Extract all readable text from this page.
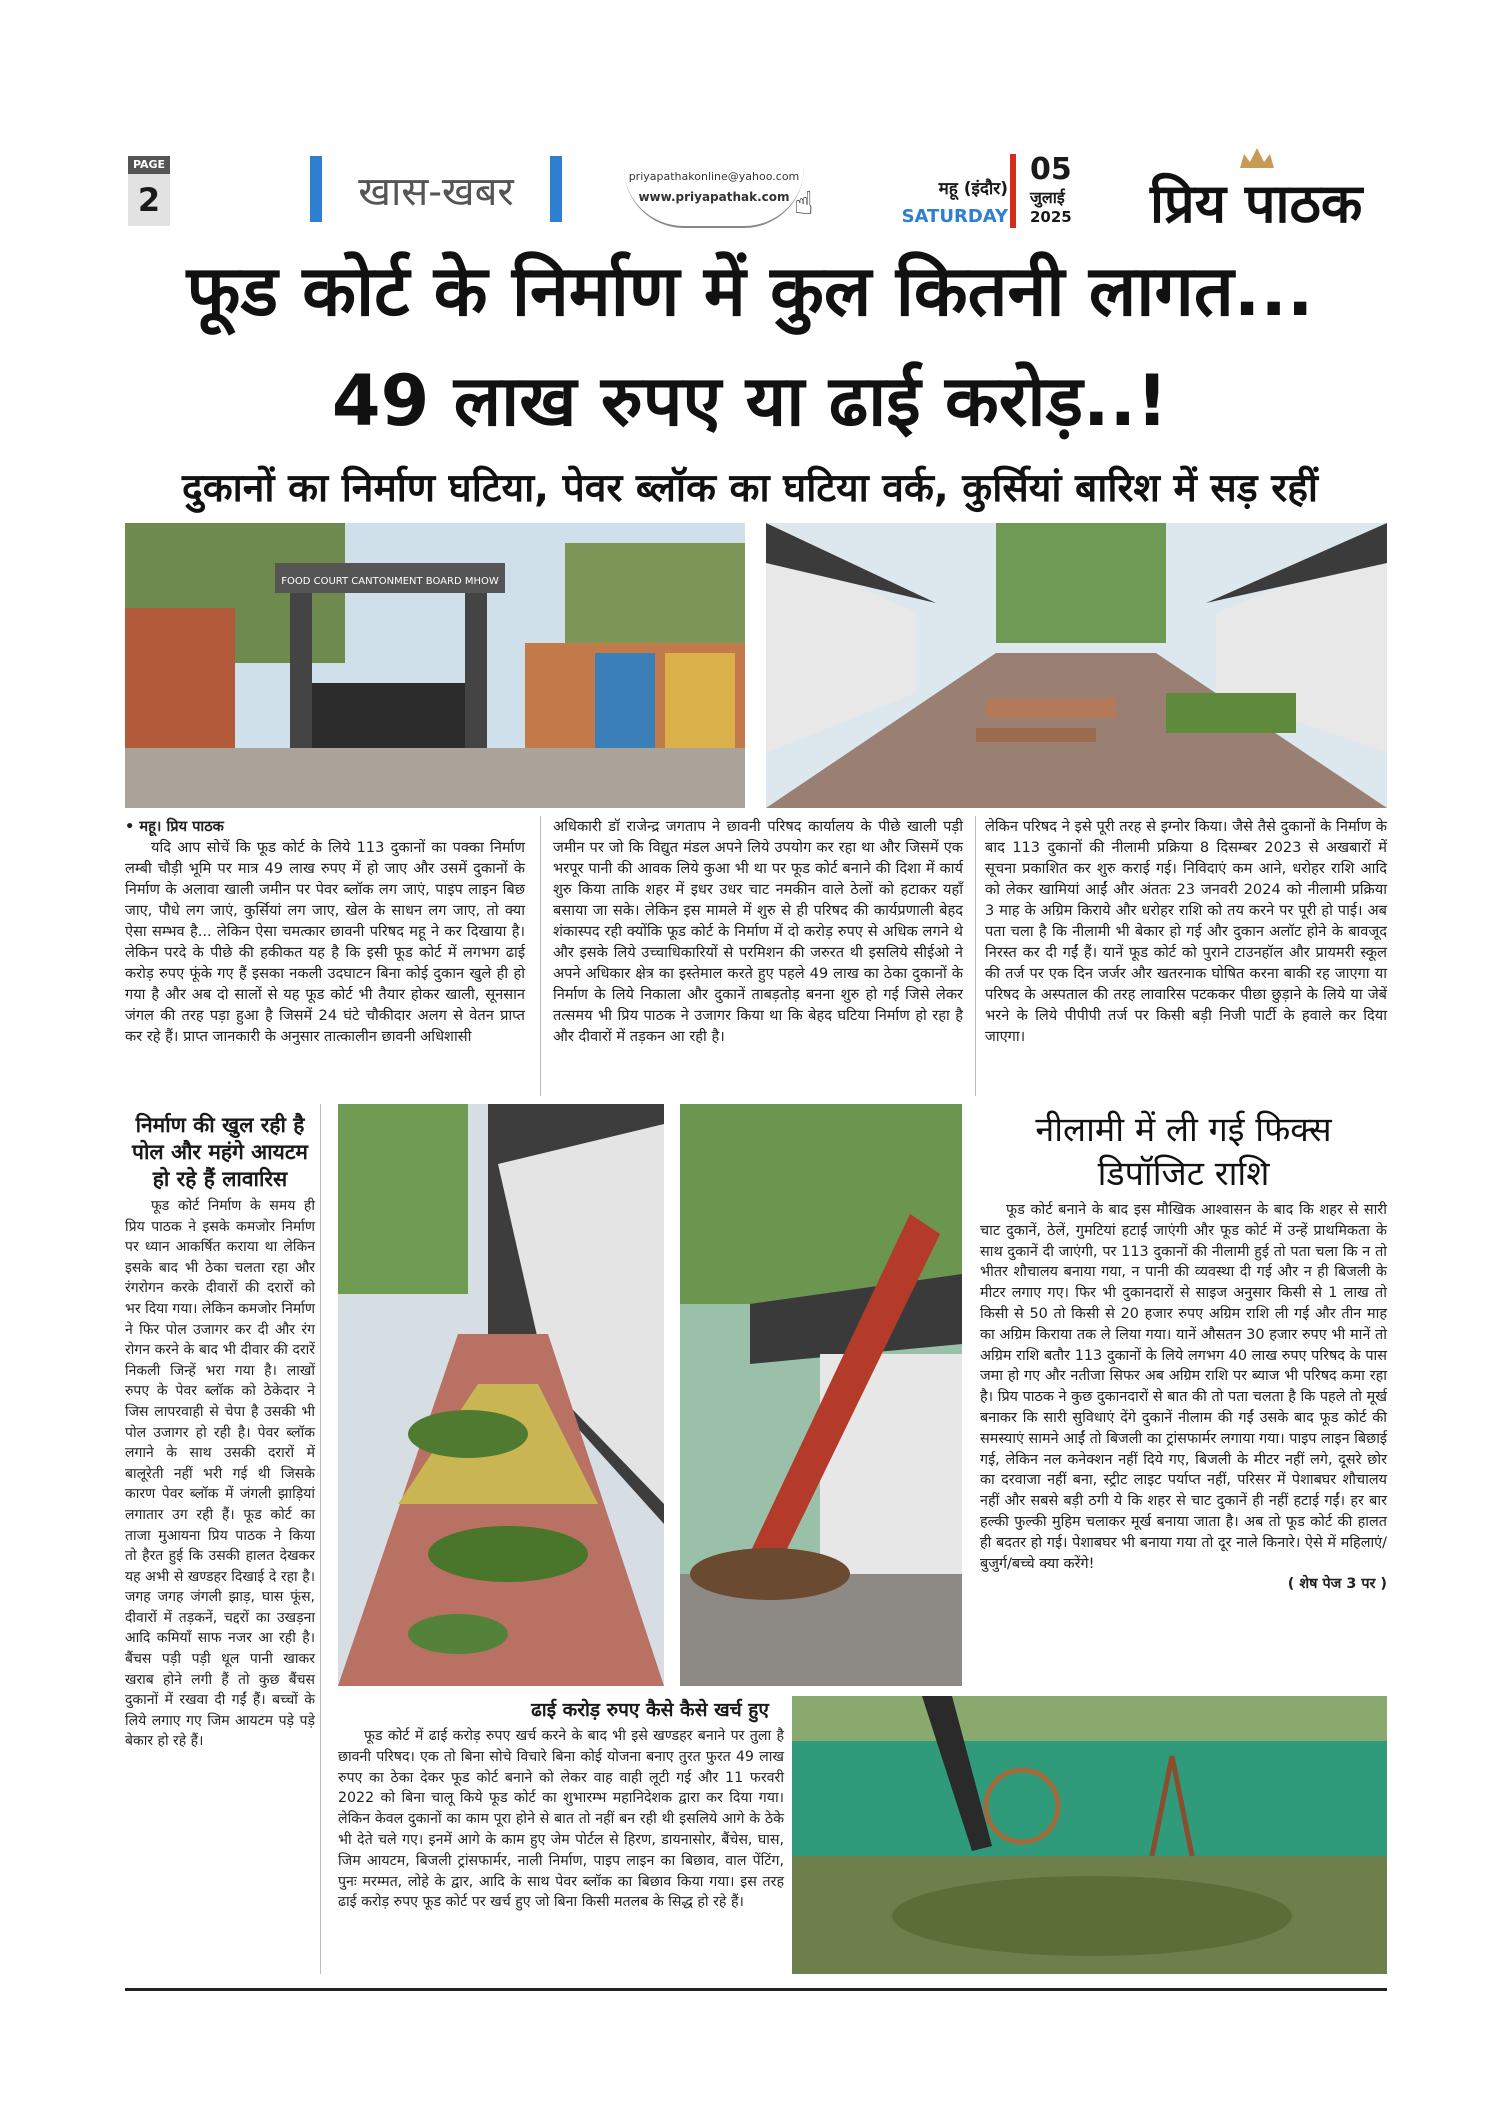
PAGE
2	खास-खबर	priyapathakonline@yahoo.com
www.priyapathak.com ☝	महू (इंदौर)
SATURDAY
05
जुलाई
2025 प्रिय पाठक
फूड कोर्ट के निर्माण में कुल कितनी लागत...
49 लाख रुपए या ढाई करोड़..!
दुकानों का निर्माण घटिया, पेवर ब्लॉक का घटिया वर्क, कुर्सियां बारिश में सड़ रहीं
FOOD COURT CANTONMENT BOARD MHOW
• महू। प्रिय पाठक

यदि आप सोचें कि फूड कोर्ट के लिये 113 दुकानों का पक्का निर्माण लम्बी चौड़ी भूमि पर मात्र 49 लाख रुपए में हो जाए और उसमें दुकानों के निर्माण के अलावा खाली जमीन पर पेवर ब्लॉक लग जाएं, पाइप लाइन बिछ जाए, पौधे लग जाएं, कुर्सियां लग जाए, खेल के साधन लग जाए, तो क्या ऐसा सम्भव है... लेकिन ऐसा चमत्कार छावनी परिषद महू ने कर दिखाया है। लेकिन परदे के पीछे की हकीकत यह है कि इसी फूड कोर्ट में लगभग ढाई करोड़ रुपए फूंके गए हैं इसका नकली उदघाटन बिना कोई दुकान खुले ही हो गया है और अब दो सालों से यह फूड कोर्ट भी तैयार होकर खाली, सूनसान जंगल की तरह पड़ा हुआ है जिसमें 24 घंटे चौकीदार अलग से वेतन प्राप्त कर रहे हैं। प्राप्त जानकारी के अनुसार तात्कालीन छावनी अधिशासी

अधिकारी डॉ राजेन्द्र जगताप ने छावनी परिषद कार्यालय के पीछे खाली पड़ी जमीन पर जो कि विद्युत मंडल अपने लिये उपयोग कर रहा था और जिसमें एक भरपूर पानी की आवक लिये कुआ भी था पर फूड कोर्ट बनाने की दिशा में कार्य शुरु किया ताकि शहर में इधर उधर चाट नमकीन वाले ठेलों को हटाकर यहाँ बसाया जा सके। लेकिन इस मामले में शुरु से ही परिषद की कार्यप्रणाली बेहद शंकास्पद रही क्योंकि फूड कोर्ट के निर्माण में दो करोड़ रुपए से अधिक लगने थे और इसके लिये उच्चाधिकारियों से परमिशन की जरुरत थी इसलिये सीईओ ने अपने अधिकार क्षेत्र का इस्तेमाल करते हुए पहले 49 लाख का ठेका दुकानों के निर्माण के लिये निकाला और दुकानें ताबड़तोड़ बनना शुरु हो गई जिसे लेकर तत्समय भी प्रिय पाठक ने उजागर किया था कि बेहद घटिया निर्माण हो रहा है और दीवारों में तड़कन आ रही है।

लेकिन परिषद ने इसे पूरी तरह से इग्नोर किया। जैसे तैसे दुकानों के निर्माण के बाद 113 दुकानों की नीलामी प्रक्रिया 8 दिसम्बर 2023 से अखबारों में सूचना प्रकाशित कर शुरु कराई गई। निविदाएं कम आने, धरोहर राशि आदि को लेकर खामियां आईं और अंततः 23 जनवरी 2024 को नीलामी प्रक्रिया 3 माह के अग्रिम किराये और धरोहर राशि को तय करने पर पूरी हो पाई। अब पता चला है कि नीलामी भी बेकार हो गई और दुकान अलॉट होने के बावजूद निरस्त कर दी गईं हैं। यानें फूड कोर्ट को पुराने टाउनहॉल और प्रायमरी स्कूल की तर्ज पर एक दिन जर्जर और खतरनाक घोषित करना बाकी रह जाएगा या परिषद के अस्पताल की तरह लावारिस पटककर पीछा छुड़ाने के लिये या जेबें भरने के लिये पीपीपी तर्ज पर किसी बड़ी निजी पार्टी के हवाले कर दिया जाएगा।

निर्माण की खुल रही है पोल और महंगे आयटम हो रहे हैं लावारिस

फूड कोर्ट निर्माण के समय ही प्रिय पाठक ने इसके कमजोर निर्माण पर ध्यान आकर्षित कराया था लेकिन इसके बाद भी ठेका चलता रहा और रंगरोगन करके दीवारों की दरारों को भर दिया गया। लेकिन कमजोर निर्माण ने फिर पोल उजागर कर दी और रंग रोगन करने के बाद भी दीवार की दरारें निकली जिन्हें भरा गया है। लाखों रुपए के पेवर ब्लॉक को ठेकेदार ने जिस लापरवाही से चेपा है उसकी भी पोल उजागर हो रही है। पेवर ब्लॉक लगाने के साथ उसकी दरारों में बालूरेती नहीं भरी गई थी जिसके कारण पेवर ब्लॉक में जंगली झाड़ियां लगातार उग रही हैं। फूड कोर्ट का ताजा मुआयना प्रिय पाठक ने किया तो हैरत हुई कि उसकी हालत देखकर यह अभी से खण्डहर दिखाई दे रहा है। जगह जगह जंगली झाड़, घास फूंस, दीवारों में तड़कनें, चद्दरों का उखड़ना आदि कमियाँ साफ नजर आ रही है। बैंचस पड़ी पड़ी धूल पानी खाकर खराब होने लगी हैं तो कुछ बैंचस दुकानों में रखवा दी गईं हैं। बच्चों के लिये लगाए गए जिम आयटम पड़े पड़े बेकार हो रहे हैं।

नीलामी में ली गई फिक्स
डिपॉजिट राशि

फूड कोर्ट बनाने के बाद इस मौखिक आश्वासन के बाद कि शहर से सारी चाट दुकानें, ठेलें, गुमटियां हटाईं जाएंगी और फूड कोर्ट में उन्हें प्राथमिकता के साथ दुकानें दी जाएंगी, पर 113 दुकानों की नीलामी हुई तो पता चला कि न तो भीतर शौचालय बनाया गया, न पानी की व्यवस्था दी गई और न ही बिजली के मीटर लगाए गए। फिर भी दुकानदारों से साइज अनुसार किसी से 1 लाख तो किसी से 50 तो किसी से 20 हजार रुपए अग्रिम राशि ली गई और तीन माह का अग्रिम किराया तक ले लिया गया। यानें औसतन 30 हजार रुपए भी मानें तो अग्रिम राशि बतौर 113 दुकानों के लिये लगभग 40 लाख रुपए परिषद के पास जमा हो गए और नतीजा सिफर अब अग्रिम राशि पर ब्याज भी परिषद कमा रहा है। प्रिय पाठक ने कुछ दुकानदारों से बात की तो पता चलता है कि पहले तो मूर्ख बनाकर कि सारी सुविधाएं देंगे दुकानें नीलाम की गईं उसके बाद फूड कोर्ट की समस्याएं सामने आईं तो बिजली का ट्रांसफार्मर लगाया गया। पाइप लाइन बिछाई गई, लेकिन नल कनेक्शन नहीं दिये गए, बिजली के मीटर नहीं लगे, दूसरे छोर का दरवाजा नहीं बना, स्ट्रीट लाइट पर्याप्त नहीं, परिसर में पेशाबघर शौचालय नहीं और सबसे बड़ी ठगी ये कि शहर से चाट दुकानें ही नहीं हटाई गईं। हर बार हल्की फुल्की मुहिम चलाकर मूर्ख बनाया जाता है। अब तो फूड कोर्ट की हालत ही बदतर हो गई। पेशाबघर भी बनाया गया तो दूर नाले किनारे। ऐसे में महिलाएं/बुजुर्ग/बच्चे क्या करेंगे!

( शेष पेज 3 पर )
ढाई करोड़ रुपए कैसे कैसे खर्च हुए

फूड कोर्ट में ढाई करोड़ रुपए खर्च करने के बाद भी इसे खण्डहर बनाने पर तुला है छावनी परिषद। एक तो बिना सोचे विचारे बिना कोई योजना बनाए तुरत फुरत 49 लाख रुपए का ठेका देकर फूड कोर्ट बनाने को लेकर वाह वाही लूटी गई और 11 फरवरी 2022 को बिना चालू किये फूड कोर्ट का शुभारम्भ महानिदेशक द्वारा कर दिया गया। लेकिन केवल दुकानों का काम पूरा होने से बात तो नहीं बन रही थी इसलिये आगे के ठेके भी देते चले गए। इनमें आगे के काम हुए जेम पोर्टल से हिरण, डायनासोर, बैंचेस, घास, जिम आयटम, बिजली ट्रांसफार्मर, नाली निर्माण, पाइप लाइन का बिछाव, वाल पेंटिंग, पुनः मरम्मत, लोहे के द्वार, आदि के साथ पेवर ब्लॉक का बिछाव किया गया। इस तरह ढाई करोड़ रुपए फूड कोर्ट पर खर्च हुए जो बिना किसी मतलब के सिद्ध हो रहे हैं।
